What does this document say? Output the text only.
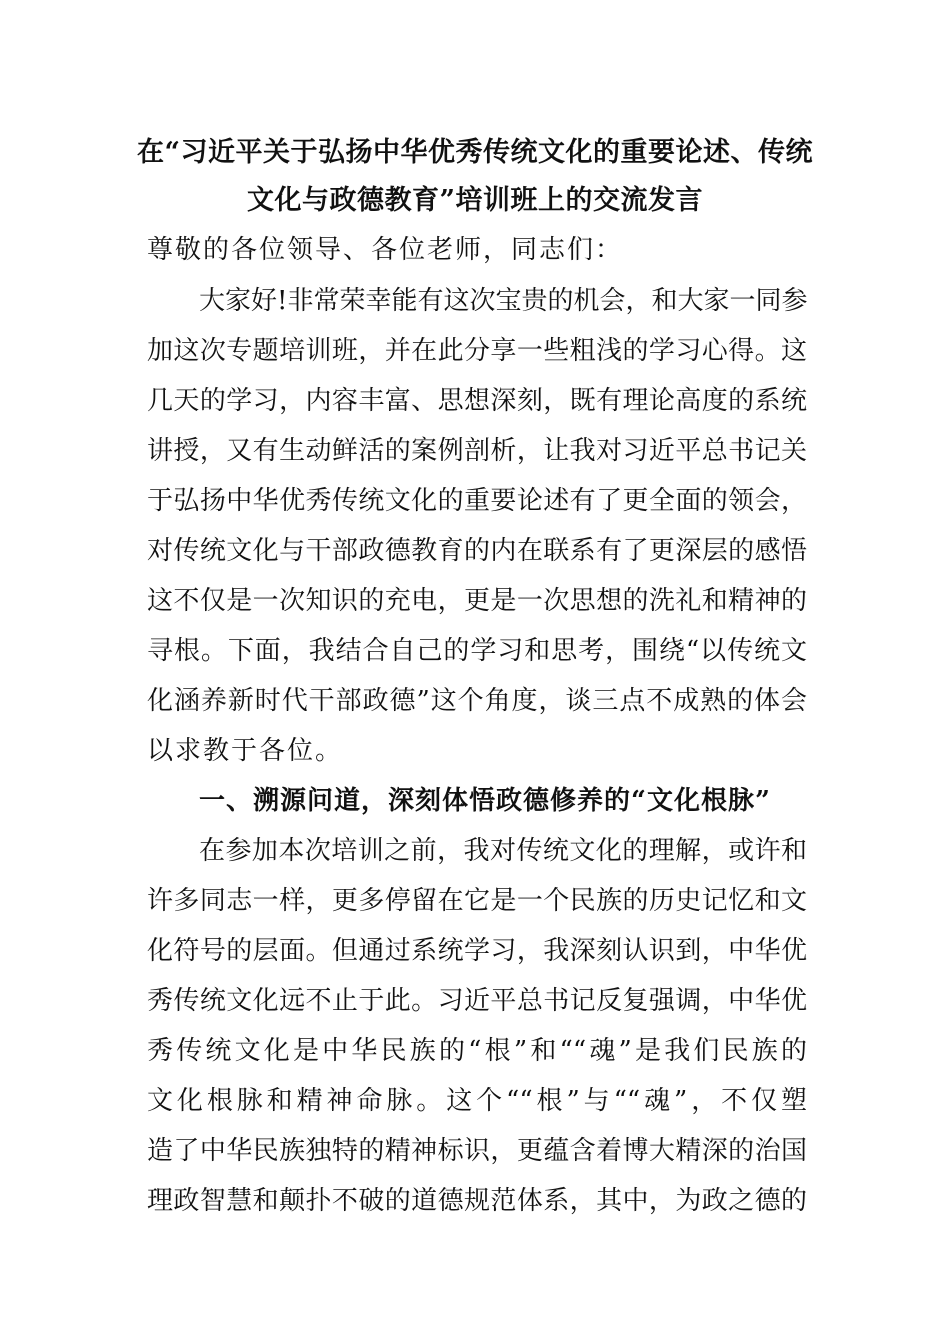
在“习近平关于弘扬中华优秀传统文化的重要论述、传统
文化与政德教育”培训班上的交流发言
尊敬的各位领导、各位老师，同志们：
大家好!非常荣幸能有这次宝贵的机会，和大家一同参
加这次专题培训班，并在此分享一些粗浅的学习心得。这
几天的学习，内容丰富、思想深刻，既有理论高度的系统
讲授，又有生动鲜活的案例剖析，让我对习近平总书记关
于弘扬中华优秀传统文化的重要论述有了更全面的领会，
对传统文化与干部政德教育的内在联系有了更深层的感悟
这不仅是一次知识的充电，更是一次思想的洗礼和精神的
寻根。下面，我结合自己的学习和思考，围绕“以传统文
化涵养新时代干部政德”这个角度，谈三点不成熟的体会
以求教于各位。
一、溯源问道，深刻体悟政德修养的“文化根脉”
在参加本次培训之前，我对传统文化的理解，或许和
许多同志一样，更多停留在它是一个民族的历史记忆和文
化符号的层面。但通过系统学习，我深刻认识到，中华优
秀传统文化远不止于此。习近平总书记反复强调，中华优
秀传统文化是中华民族的“根”和““魂”是我们民族的
文化根脉和精神命脉。这个““根”与““魂”，不仅塑
造了中华民族独特的精神标识，更蕴含着博大精深的治国
理政智慧和颠扑不破的道德规范体系，其中，为政之德的
